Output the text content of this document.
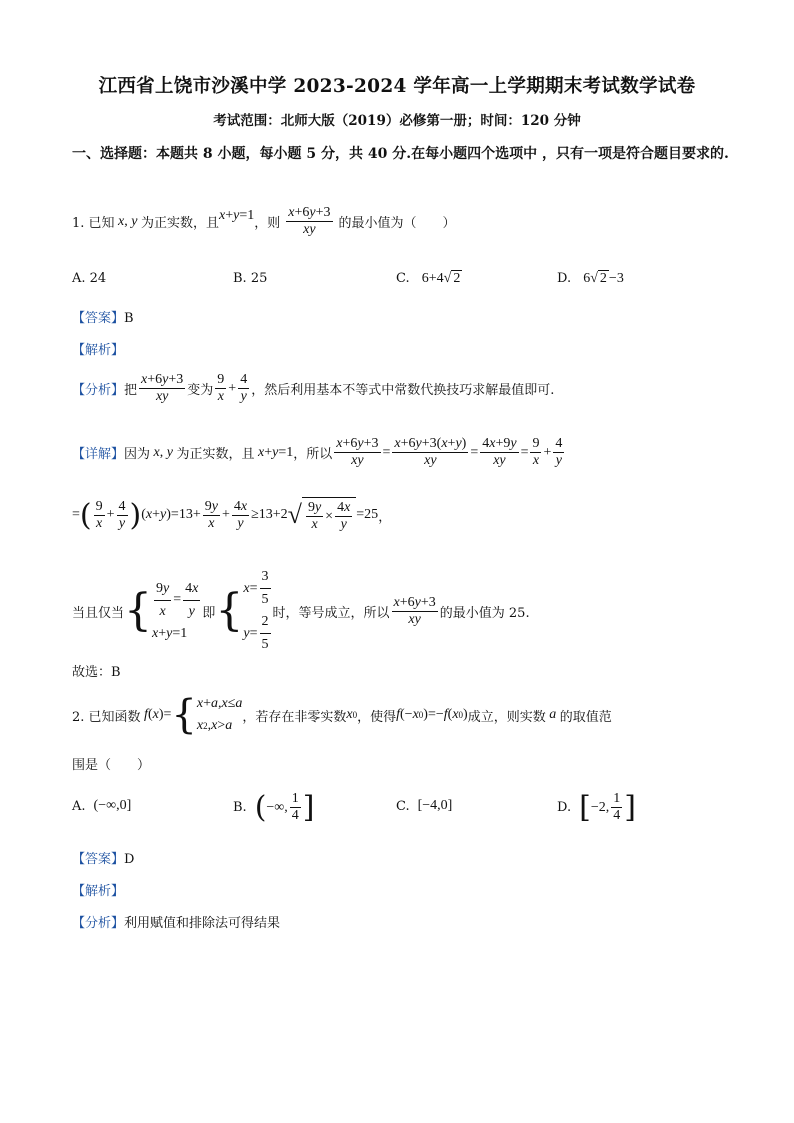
江西省上饶市沙溪中学 2023-2024 学年高一上学期期末考试数学试卷
考试范围：北师大版（2019）必修第一册；时间：120 分钟
一、选择题：本题共 8 小题，每小题 5 分，共 40 分.在每小题四个选项中 ，只有一项是符合题目要求的.
1. 已知 x , y 为正实数，且
x + y =1
，则 $\frac{x+6y+3}{xy}$ 的最小值为（　　）
A. 24	B. 25	C. 6+4√ 2	D. 6√ 2 −3
【答案】B
【解析】
【分析】 把 $\frac{x+6y+3}{xy}$ 变为 $\frac{9}{x} + \frac{4}{y}$ ，然后利用基本不等式中常数代换技巧求解最值即可.
【详解】 因为 x , y 为正实数，且 x + y =1 ，所以 $\frac{x+6y+3}{xy} = \frac{x+6y+3(x+y)}{xy} = \frac{4x+9y}{xy} = \frac{9}{x} + \frac{4}{y}$
= ( $\frac{9}{x} + \frac{4}{y}$ ) ( x + y )$=13+ \frac{9y}{x} + \frac{4x}{y} \ge 13+2$ √ $\frac{9y}{x} \times \frac{4x}{y} =25$ ，
当且仅当 { $\frac{9y}{x} = \frac{4x}{y}$
x + y =1
即 { $x = \frac{3}{5}$
$y = \frac{2}{5}$ 时，等号成立，所以 $\frac{x+6y+3}{xy}$ 的最小值为 25.
故选：B
2. 已知函数 f ( x )= { x + a , x ≤ a
x 2 , x > a
，若存在非零实数 x 0 ，使得 f (− x 0 )=− f ( x 0 ) 成立，则实数 a 的取值范
围是（　　）
A. (−∞,0]	B. ( −∞, $\frac{1}{4}$ ]	C. [−4,0]	D. [ −2, $\frac{1}{4}$ ]
【答案】D
【解析】
【分析】利用赋值和排除法可得结果
